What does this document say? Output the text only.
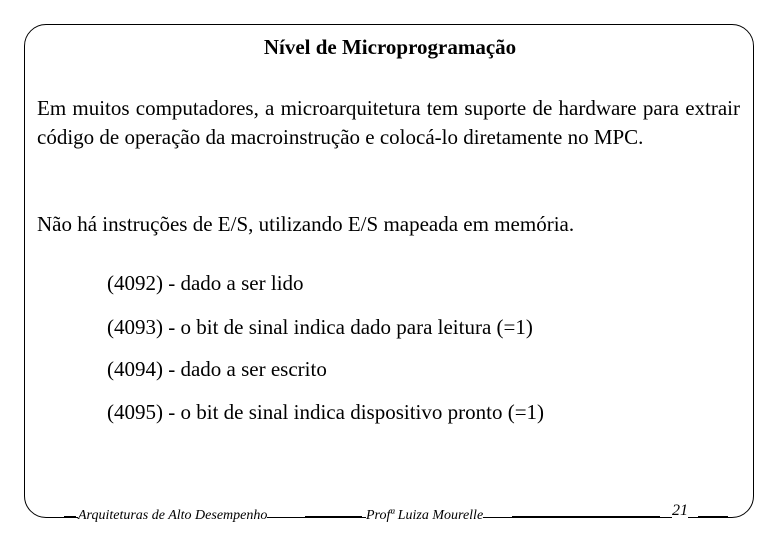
Nível de Microprogramação

Em muitos computadores, a microarquitetura tem suporte de hardware para extrair código de operação da macroinstrução e colocá-lo diretamente no MPC.

Não há instruções de E/S, utilizando E/S mapeada em memória.

(4092) - dado a ser lido

(4093) - o bit de sinal indica dado para leitura (=1)

(4094) - dado a ser escrito

(4095) - o bit de sinal indica dispositivo pronto (=1)

Arquiteturas de Alto Desempenho	Profª Luiza Mourelle	21
